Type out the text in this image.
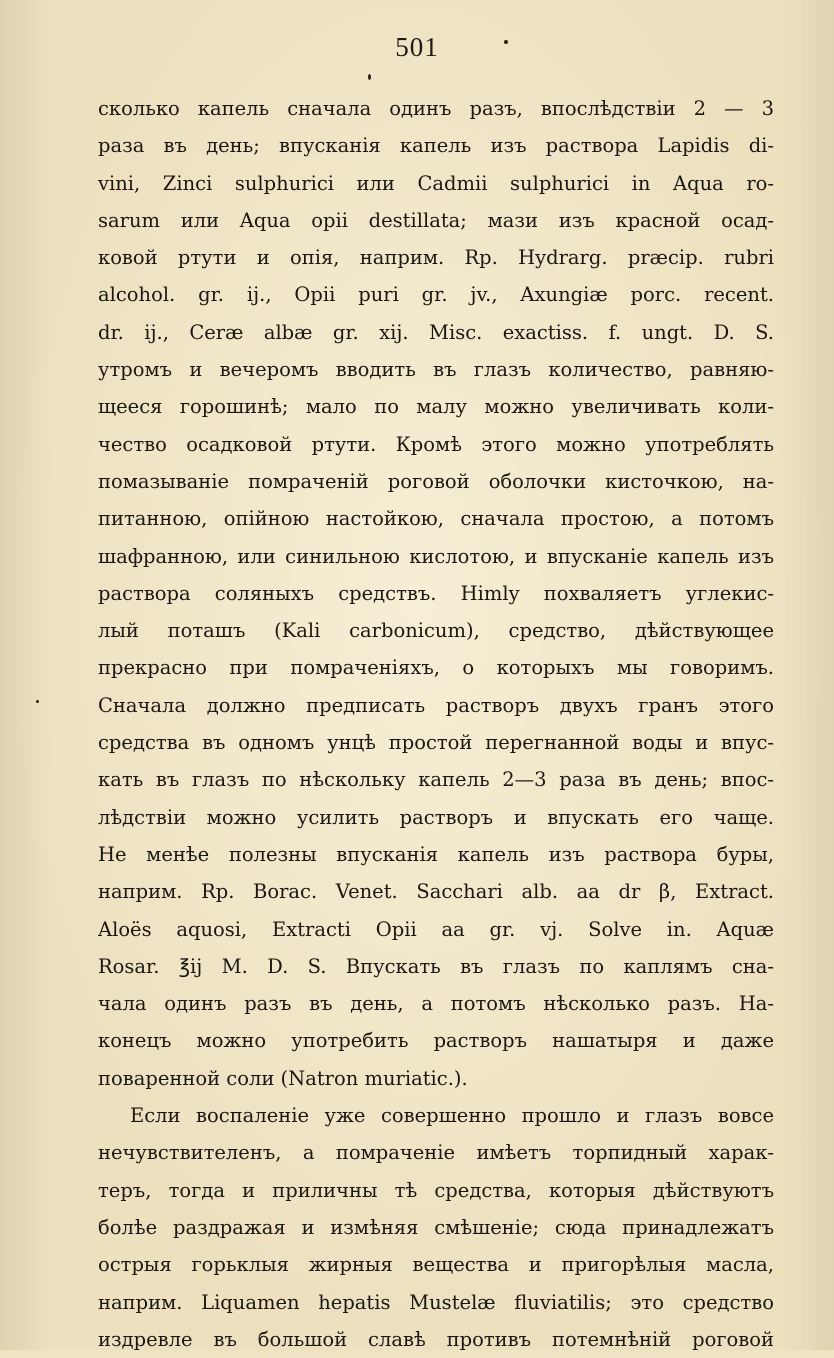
501
сколько капель сначала одинъ разъ, впослѣдствіи 2 — 3
раза въ день; впусканія капель изъ раствора Lapidis di-
vini, Zinci sulphurici или Cadmii sulphurici in Aqua ro-
sarum или Aqua opii destillata; мази изъ красной осад-
ковой ртути и опія, наприм. Rp. Hydrarg. præcip. rubri
alcohol. gr. ij., Opii puri gr. jv., Axungiæ porc. recent.
dr. ij., Ceræ albæ gr. xij. Misc. exactiss. f. ungt. D. S.
утромъ и вечеромъ вводить въ глазъ количество, равняю-
щееся горошинѣ; мало по малу можно увеличивать коли-
чество осадковой ртути. Кромѣ этого можно употреблять
помазываніе помраченій роговой оболочки кисточкою, на-
питанною, опійною настойкою, сначала простою, а потомъ
шафранною, или синильною кислотою, и впусканіе капель изъ
раствора соляныхъ средствъ. Himly похваляетъ углекис-
лый поташъ (Kali carbonicum), средство, дѣйствующее
прекрасно при помраченіяхъ, о которыхъ мы говоримъ.
Сначала должно предписать растворъ двухъ гранъ этого
средства въ одномъ унцѣ простой перегнанной воды и впус-
кать въ глазъ по нѣскольку капель 2—3 раза въ день; впос-
лѣдствіи можно усилить растворъ и впускать его чаще.
Не менѣе полезны впусканія капель изъ раствора буры,
наприм. Rp. Borac. Venet. Sacchari alb. aa dr β, Extract.
Aloës aquosi, Extracti Opii aa gr. vj. Solve in. Aquæ
Rosar. ℥ij M. D. S. Впускать въ глазъ по каплямъ сна-
чала одинъ разъ въ день, а потомъ нѣсколько разъ. На-
конецъ можно употребить растворъ нашатыря и даже
поваренной соли (Natron muriatic.).
Если воспаленіе уже совершенно прошло и глазъ вовсе
нечувствителенъ, а помраченіе имѣетъ торпидный харак-
теръ, тогда и приличны тѣ средства, которыя дѣйствуютъ
болѣе раздражая и измѣняя смѣшеніе; сюда принадлежатъ
острыя горьклыя жирныя вещества и пригорѣлыя масла,
наприм. Liquamen hepatis Mustelæ fluviatilis; это средство
издревле въ большой славѣ противъ потемнѣній роговой
